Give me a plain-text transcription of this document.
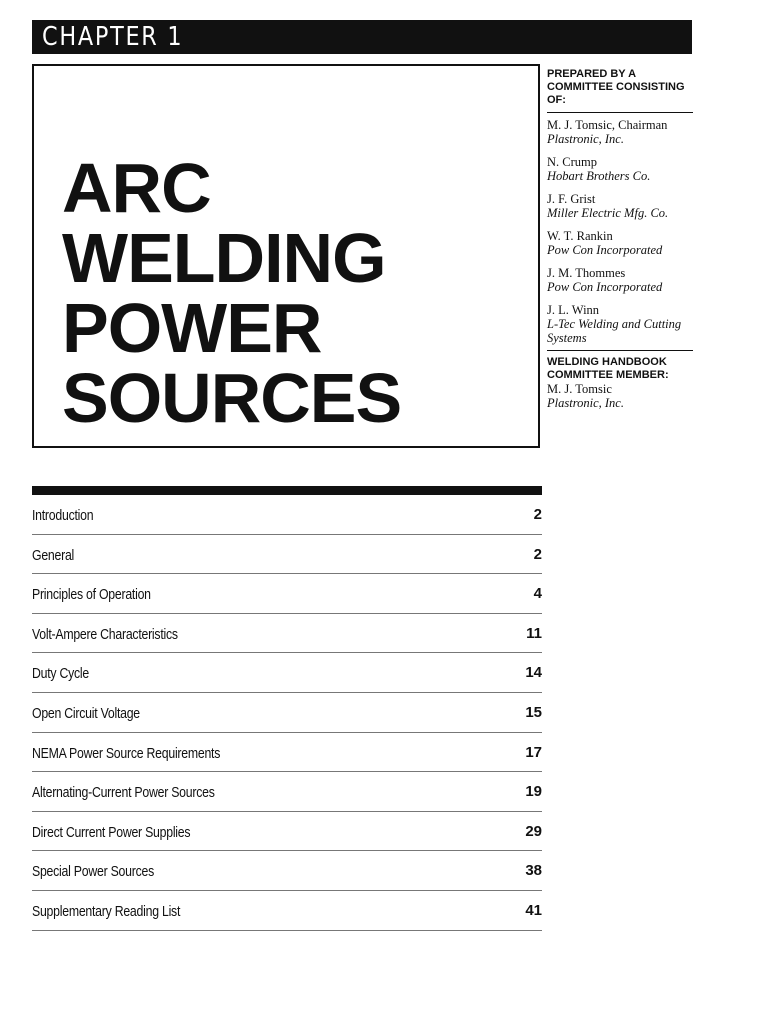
CHAPTER 1
ARC
WELDING
POWER
SOURCES
PREPARED BY A COMMITTEE CONSISTING OF:
M. J. Tomsic, Chairman
Plastronic, Inc.
N. Crump
Hobart Brothers Co.
J. F. Grist
Miller Electric Mfg. Co.
W. T. Rankin
Pow Con Incorporated
J. M. Thommes
Pow Con Incorporated
J. L. Winn
L-Tec Welding and Cutting Systems
WELDING HANDBOOK COMMITTEE MEMBER:
M. J. Tomsic
Plastronic, Inc.
Introduction	2
General	2
Principles of Operation	4
Volt-Ampere Characteristics	11
Duty Cycle	14
Open Circuit Voltage	15
NEMA Power Source Requirements	17
Alternating-Current Power Sources	19
Direct Current Power Supplies	29
Special Power Sources	38
Supplementary Reading List	41
